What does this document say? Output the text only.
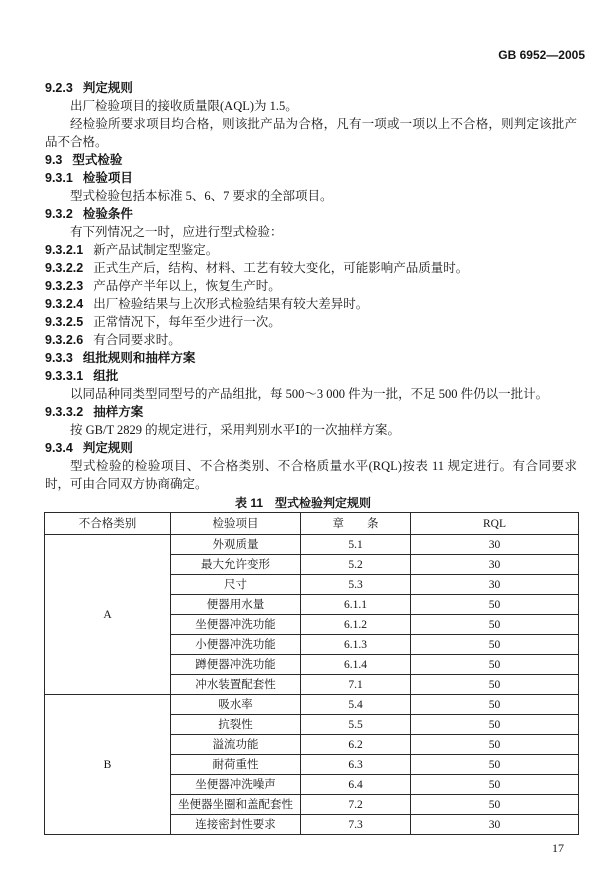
GB 6952—2005
9.2.3 判定规则
出厂检验项目的接收质量限(AQL)为 1.5。
经检验所要求项目均合格，则该批产品为合格，凡有一项或一项以上不合格，则判定该批产品不合格。
9.3 型式检验
9.3.1 检验项目
型式检验包括本标准 5、6、7 要求的全部项目。
9.3.2 检验条件
有下列情况之一时，应进行型式检验：
9.3.2.1 新产品试制定型鉴定。
9.3.2.2 正式生产后，结构、材料、工艺有较大变化，可能影响产品质量时。
9.3.2.3 产品停产半年以上，恢复生产时。
9.3.2.4 出厂检验结果与上次形式检验结果有较大差异时。
9.3.2.5 正常情况下，每年至少进行一次。
9.3.2.6 有合同要求时。
9.3.3 组批规则和抽样方案
9.3.3.1 组批
以同品种同类型同型号的产品组批，每 500～3 000 件为一批，不足 500 件仍以一批计。
9.3.3.2 抽样方案
按 GB/T 2829 的规定进行，采用判别水平Ⅰ的一次抽样方案。
9.3.4 判定规则
型式检验的检验项目、不合格类别、不合格质量水平(RQL)按表 11 规定进行。有合同要求时，可由合同双方协商确定。
表 11　型式检验判定规则
不合格类别	检验项目	章　　条	RQL
A	外观质量	5.1	30
	最大允许变形	5.2	30
	尺寸	5.3	30
	便器用水量	6.1.1	50
	坐便器冲洗功能	6.1.2	50
	小便器冲洗功能	6.1.3	50
	蹲便器冲洗功能	6.1.4	50
	冲水装置配套性	7.1	50
B	吸水率	5.4	50
	抗裂性	5.5	50
	溢流功能	6.2	50
	耐荷重性	6.3	50
	坐便器冲洗噪声	6.4	50
	坐便器坐圈和盖配套性	7.2	50
	连接密封性要求	7.3	30
17
